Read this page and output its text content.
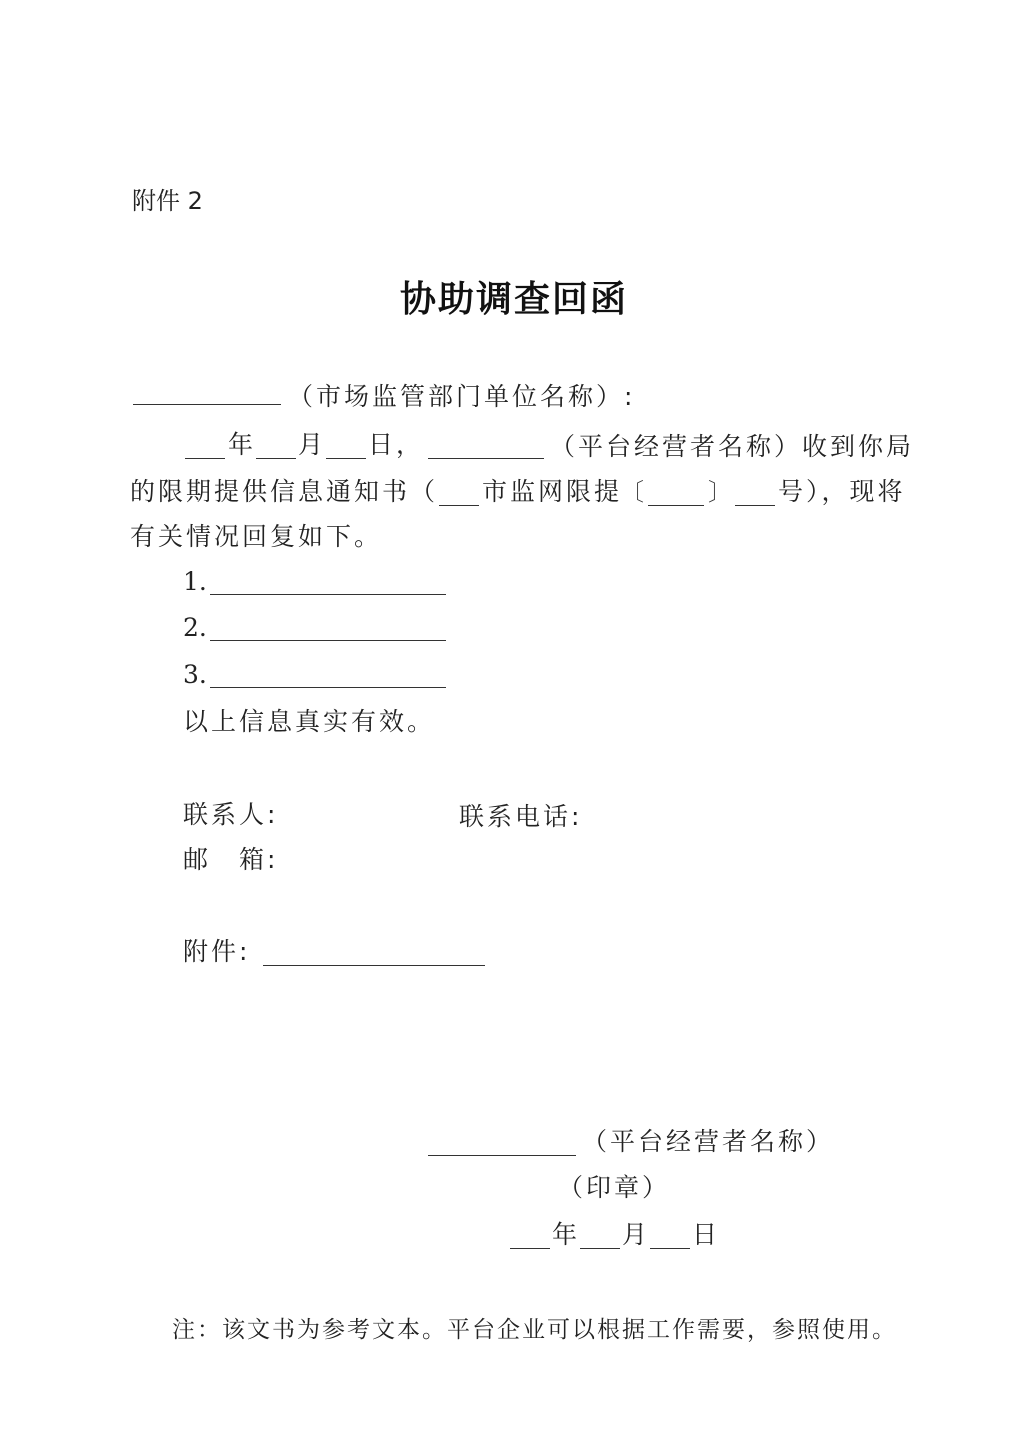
附件 2
协助调查回函
（市场监管部门单位名称）:
年 月 日，	（平台经营者名称）收到你局
的限期提供信息通知书（ 市监网限提
〔	〕 号），现将
有关情况回复如下。
1.
2.
3.
以上信息真实有效。
联系人:	联系电话:
邮　箱:
附件:
（平台经营者名称）
（印章）
年 月 日
注：该文书为参考文本。平台企业可以根据工作需要，参照使用。
